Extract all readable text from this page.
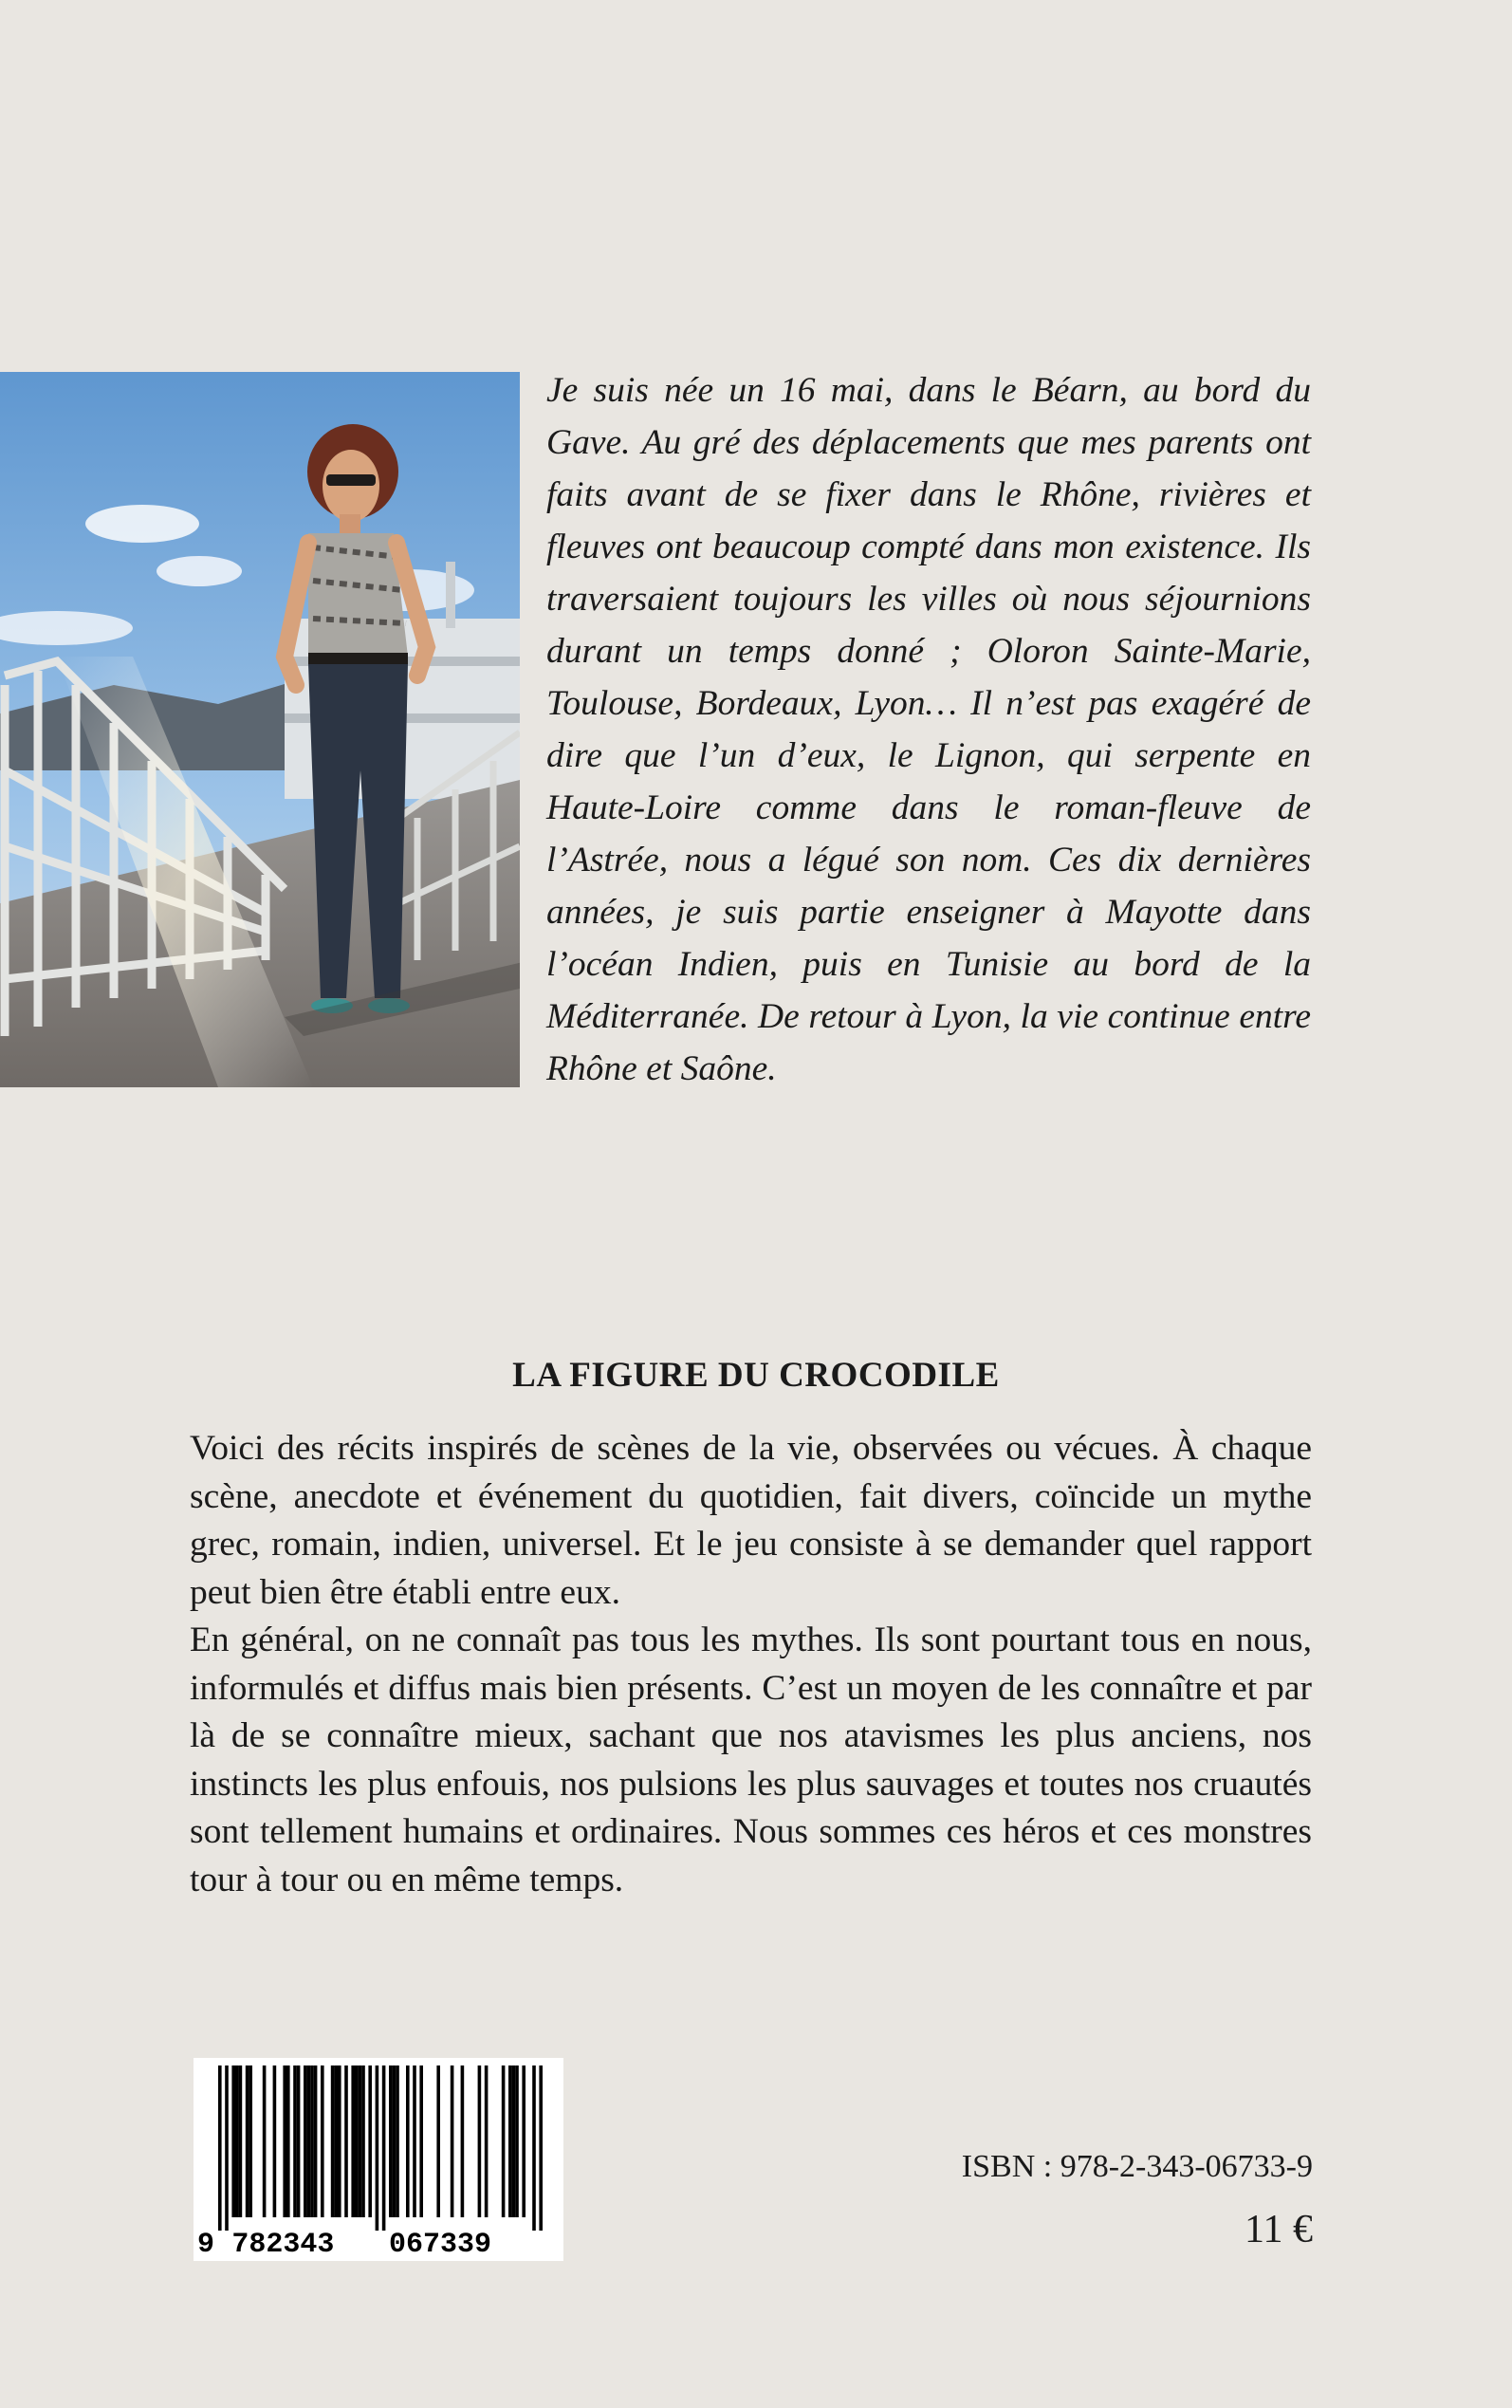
Je suis née un 16 mai, dans le Béarn, au bord du Gave. Au gré des déplacements que mes parents ont faits avant de se fixer dans le Rhône, rivières et fleuves ont beaucoup compté dans mon existence. Ils traversaient toujours les villes où nous séjournions durant un temps donné ; Oloron Sainte-Marie, Toulouse, Bordeaux, Lyon… Il n’est pas exagéré de dire que l’un d’eux, le Lignon, qui serpente en Haute-Loire comme dans le roman-fleuve de l’Astrée, nous a légué son nom. Ces dix dernières années, je suis partie enseigner à Mayotte dans l’océan Indien, puis en Tunisie au bord de la Méditerranée. De retour à Lyon, la vie continue entre Rhône et Saône.

LA FIGURE DU CROCODILE

Voici des récits inspirés de scènes de la vie, observées ou vécues. À chaque scène, anecdote et événement du quotidien, fait divers, coïncide un mythe grec, romain, indien, universel. Et le jeu consiste à se demander quel rapport peut bien être établi entre eux.

En général, on ne connaît pas tous les mythes. Ils sont pourtant tous en nous, informulés et diffus mais bien présents. C’est un moyen de les connaître et par là de se connaître mieux, sachant que nos atavismes les plus anciens, nos instincts les plus enfouis, nos pulsions les plus sauvages et toutes nos cruautés sont tellement humains et ordinaires. Nous sommes ces héros et ces monstres tour à tour ou en même temps.

9 782343 067339

ISBN : 978-2-343-06733-9

11 €
